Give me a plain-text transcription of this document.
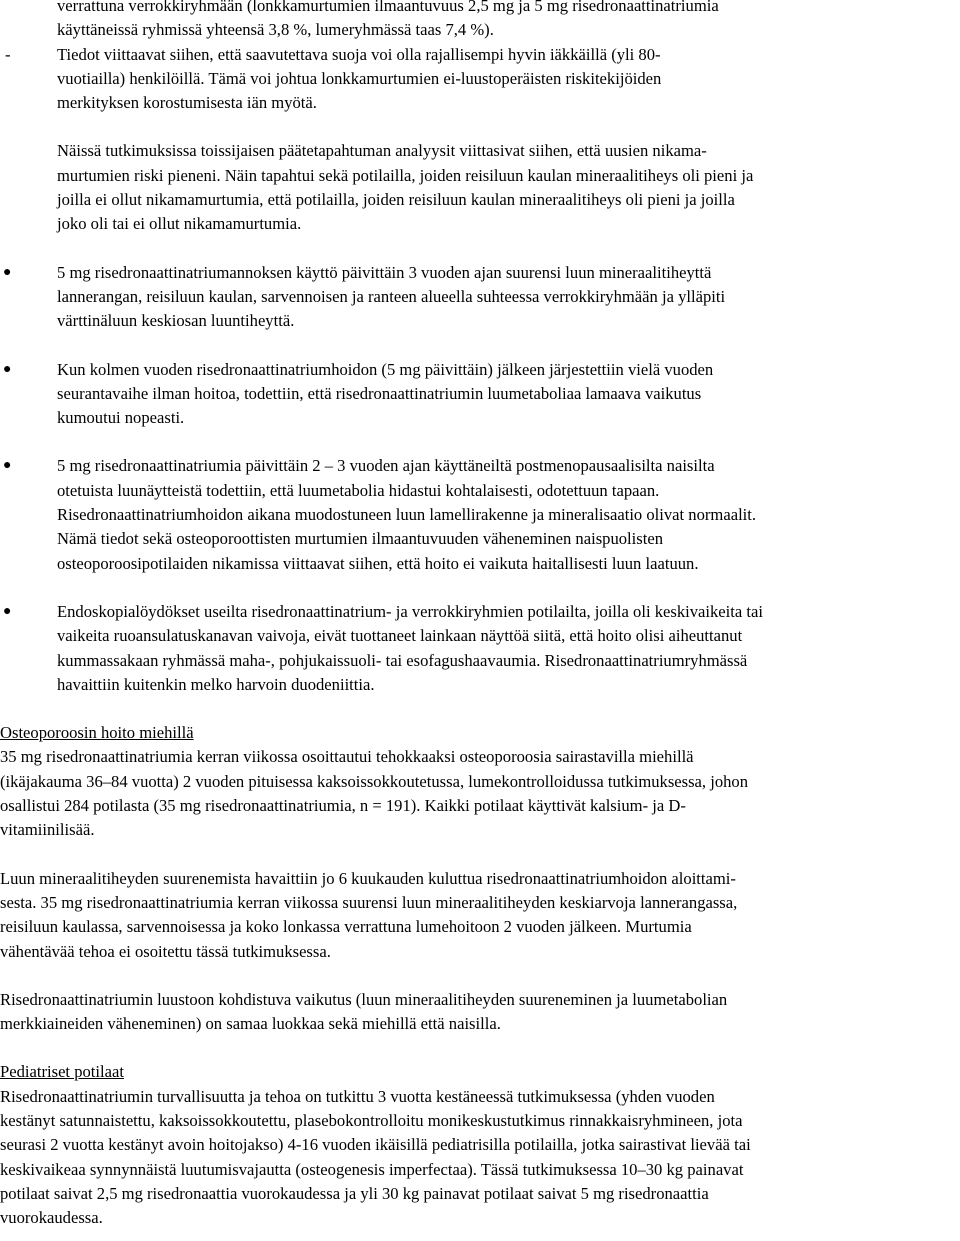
verrattuna verrokkiryhmään (lonkkamurtumien ilmaantuvuus 2,5 mg ja 5 mg risedronaattinatriumia

käyttäneissä ryhmissä yhteensä 3,8 %, lumeryhmässä taas 7,4 %).

-	Tiedot viittaavat siihen, että saavutettava suoja voi olla rajallisempi hyvin iäkkäillä (yli 80-

vuotiailla) henkilöillä. Tämä voi johtua lonkkamurtumien ei-luustoperäisten riskitekijöiden

merkityksen korostumisesta iän myötä.

Näissä tutkimuksissa toissijaisen päätetapahtuman analyysit viittasivat siihen, että uusien nikama-

murtumien riski pieneni. Näin tapahtui sekä potilailla, joiden reisiluun kaulan mineraalitiheys oli pieni ja

joilla ei ollut nikamamurtumia, että potilailla, joiden reisiluun kaulan mineraalitiheys oli pieni ja joilla

joko oli tai ei ollut nikamamurtumia.

●	5 mg risedronaattinatriumannoksen käyttö päivittäin 3 vuoden ajan suurensi luun mineraalitiheyttä

lannerangan, reisiluun kaulan, sarvennoisen ja ranteen alueella suhteessa verrokkiryhmään ja ylläpiti

värttinäluun keskiosan luuntiheyttä.

●	Kun kolmen vuoden risedronaattinatriumhoidon (5 mg päivittäin) jälkeen järjestettiin vielä vuoden

seurantavaihe ilman hoitoa, todettiin, että risedronaattinatriumin luumetaboliaa lamaava vaikutus

kumoutui nopeasti.

●	5 mg risedronaattinatriumia päivittäin 2 – 3 vuoden ajan käyttäneiltä postmenopausaalisilta naisilta

otetuista luunäytteistä todettiin, että luumetabolia hidastui kohtalaisesti, odotettuun tapaan.

Risedronaattinatriumhoidon aikana muodostuneen luun lamellirakenne ja mineralisaatio olivat normaalit.

Nämä tiedot sekä osteoporoottisten murtumien ilmaantuvuuden väheneminen naispuolisten

osteoporoosipotilaiden nikamissa viittaavat siihen, että hoito ei vaikuta haitallisesti luun laatuun.

●	Endoskopialöydökset useilta risedronaattinatrium- ja verrokkiryhmien potilailta, joilla oli keskivaikeita tai

vaikeita ruoansulatuskanavan vaivoja, eivät tuottaneet lainkaan näyttöä siitä, että hoito olisi aiheuttanut

kummassakaan ryhmässä maha-, pohjukaissuoli- tai esofagushaavaumia. Risedronaattinatriumryhmässä

havaittiin kuitenkin melko harvoin duodeniittia.

Osteoporoosin hoito miehillä

35 mg risedronaattinatriumia kerran viikossa osoittautui tehokkaaksi osteoporoosia sairastavilla miehillä

(ikäjakauma 36–84 vuotta) 2 vuoden pituisessa kaksoissokkoutetussa, lumekontrolloidussa tutkimuksessa, johon

osallistui 284 potilasta (35 mg risedronaattinatriumia, n = 191). Kaikki potilaat käyttivät kalsium- ja D-

vitamiinilisää.

Luun mineraalitiheyden suurenemista havaittiin jo 6 kuukauden kuluttua risedronaattinatriumhoidon aloittami-

sesta. 35 mg risedronaattinatriumia kerran viikossa suurensi luun mineraalitiheyden keskiarvoja lannerangassa,

reisiluun kaulassa, sarvennoisessa ja koko lonkassa verrattuna lumehoitoon 2 vuoden jälkeen. Murtumia

vähentävää tehoa ei osoitettu tässä tutkimuksessa.

Risedronaattinatriumin luustoon kohdistuva vaikutus (luun mineraalitiheyden suureneminen ja luumetabolian

merkkiaineiden väheneminen) on samaa luokkaa sekä miehillä että naisilla.

Pediatriset potilaat

Risedronaattinatriumin turvallisuutta ja tehoa on tutkittu 3 vuotta kestäneessä tutkimuksessa (yhden vuoden

kestänyt satunnaistettu, kaksoissokkoutettu, plasebokontrolloitu monikeskustutkimus rinnakkaisryhmineen, jota

seurasi 2 vuotta kestänyt avoin hoitojakso) 4-16 vuoden ikäisillä pediatrisilla potilailla, jotka sairastivat lievää tai

keskivaikeaa synnynnäistä luutumisvajautta (osteogenesis imperfectaa). Tässä tutkimuksessa 10–30 kg painavat

potilaat saivat 2,5 mg risedronaattia vuorokaudessa ja yli 30 kg painavat potilaat saivat 5 mg risedronaattia

vuorokaudessa.
